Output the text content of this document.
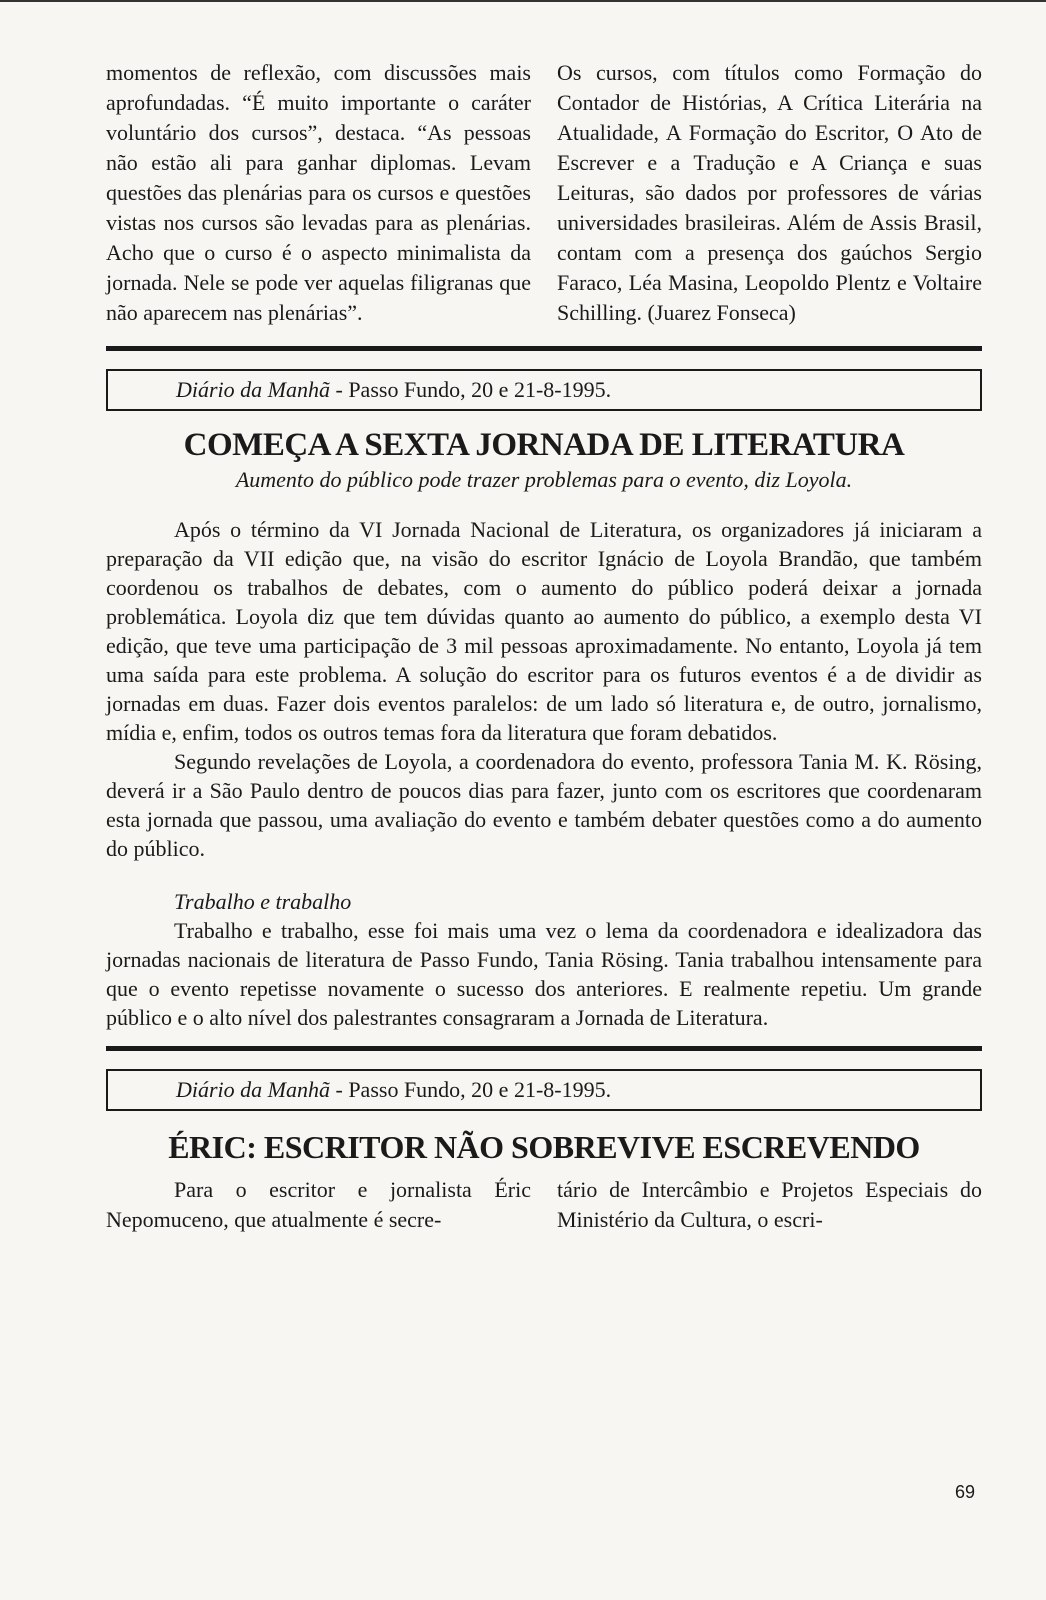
momentos de reflexão, com discussões mais aprofundadas. “É muito importante o caráter voluntário dos cursos”, destaca. “As pessoas não estão ali para ganhar diplomas. Levam questões das plenárias para os cursos e questões vistas nos cursos são levadas para as plenárias. Acho que o curso é o aspecto minimalista da jornada. Nele se pode ver aquelas filigranas que não aparecem nas plenárias”.

Os cursos, com títulos como Formação do Contador de Histórias, A Crítica Literária na Atualidade, A Formação do Escritor, O Ato de Escrever e a Tradução e A Criança e suas Leituras, são dados por professores de várias universidades brasileiras. Além de Assis Brasil, contam com a presença dos gaúchos Sergio Faraco, Léa Masina, Leopoldo Plentz e Voltaire Schilling. (Juarez Fonseca)

Diário da Manhã - Passo Fundo, 20 e 21-8-1995.
COMEÇA A SEXTA JORNADA DE LITERATURA

Aumento do público pode trazer problemas para o evento, diz Loyola.

Após o término da VI Jornada Nacional de Literatura, os organizadores já iniciaram a preparação da VII edição que, na visão do escritor Ignácio de Loyola Brandão, que também coordenou os trabalhos de debates, com o aumento do público poderá deixar a jornada problemática. Loyola diz que tem dúvidas quanto ao aumento do público, a exemplo desta VI edição, que teve uma participação de 3 mil pessoas aproximadamente. No entanto, Loyola já tem uma saída para este problema. A solução do escritor para os futuros eventos é a de dividir as jornadas em duas. Fazer dois eventos paralelos: de um lado só literatura e, de outro, jornalismo, mídia e, enfim, todos os outros temas fora da literatura que foram debatidos.

Segundo revelações de Loyola, a coordenadora do evento, professora Tania M. K. Rösing, deverá ir a São Paulo dentro de poucos dias para fazer, junto com os escritores que coordenaram esta jornada que passou, uma avaliação do evento e também debater questões como a do aumento do público.

Trabalho e trabalho

Trabalho e trabalho, esse foi mais uma vez o lema da coordenadora e idealizadora das jornadas nacionais de literatura de Passo Fundo, Tania Rösing. Tania trabalhou intensamente para que o evento repetisse novamente o sucesso dos anteriores. E realmente repetiu. Um grande público e o alto nível dos palestrantes consagraram a Jornada de Literatura.

Diário da Manhã - Passo Fundo, 20 e 21-8-1995.
ÉRIC: ESCRITOR NÃO SOBREVIVE ESCREVENDO

Para o escritor e jornalista Éric Nepomuceno, que atualmente é secre-

tário de Intercâmbio e Projetos Especiais do Ministério da Cultura, o escri-

69
